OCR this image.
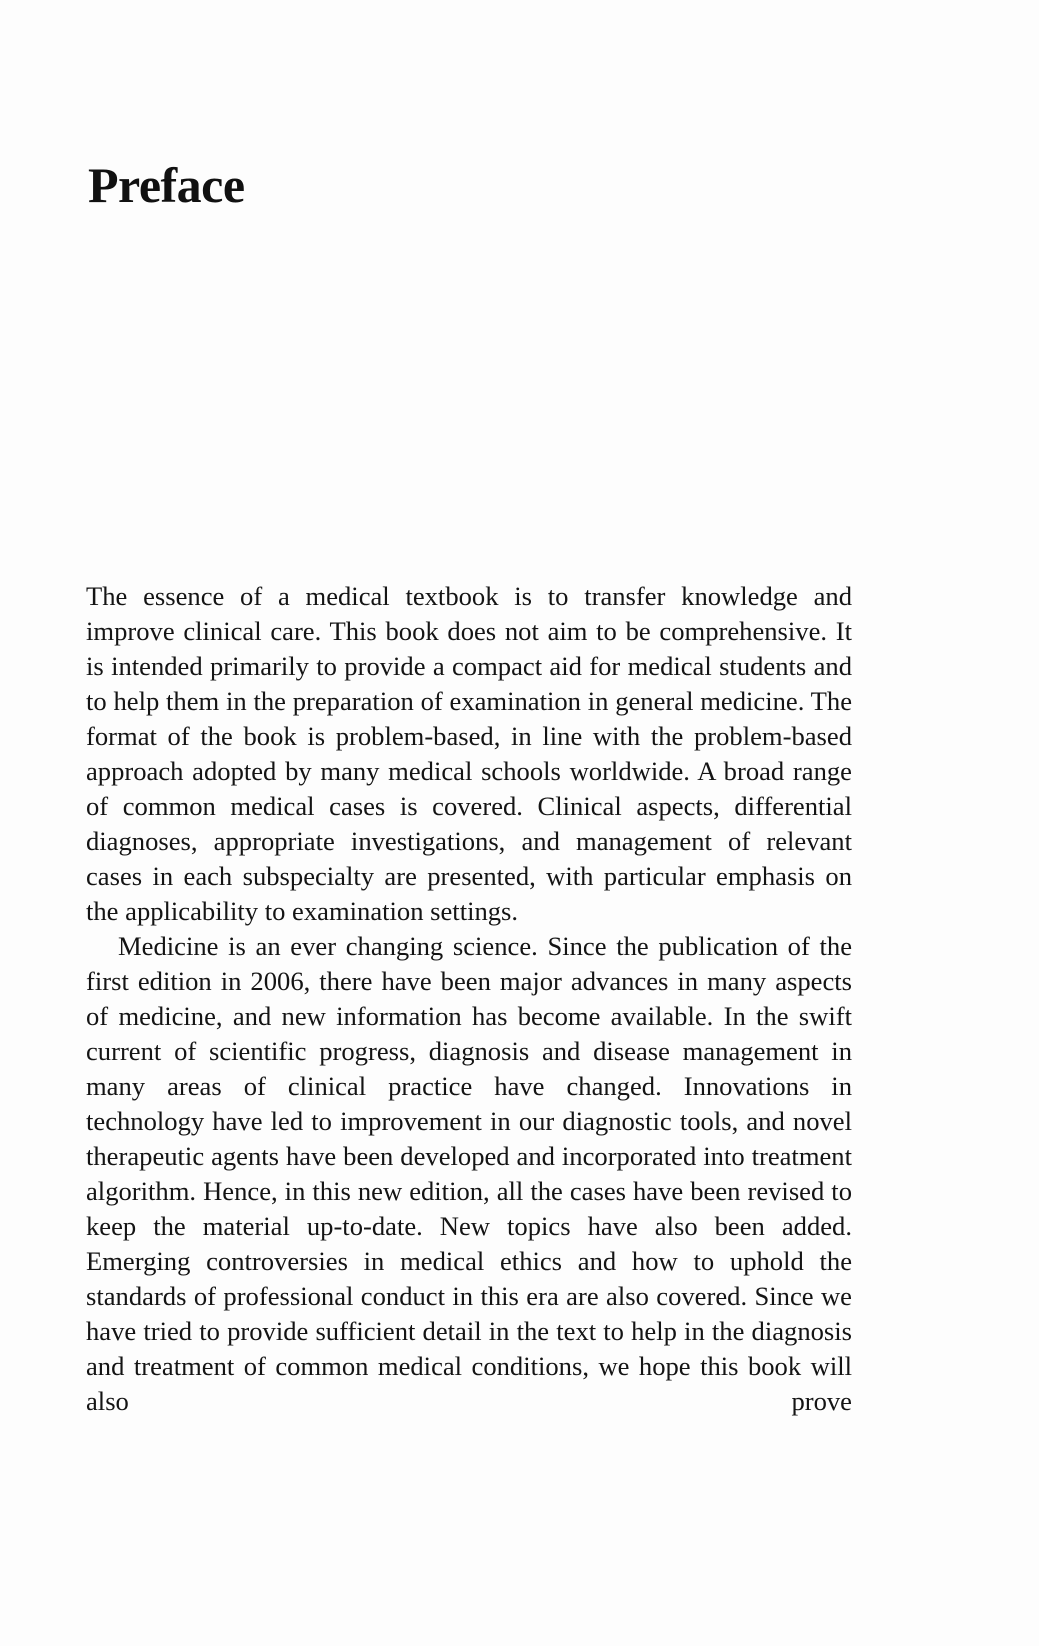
Preface

The essence of a medical textbook is to transfer knowledge and improve clinical care. This book does not aim to be comprehensive. It is intended primarily to provide a compact aid for medical students and to help them in the preparation of examination in general medicine. The format of the book is problem-based, in line with the problem-based approach adopted by many medical schools worldwide. A broad range of common medical cases is covered. Clinical aspects, differential diagnoses, appropriate investigations, and management of relevant cases in each subspecialty are presented, with particular emphasis on the applicability to examination settings.

Medicine is an ever changing science. Since the publication of the first edition in 2006, there have been major advances in many aspects of medicine, and new information has become available. In the swift current of scientific progress, diagnosis and disease management in many areas of clinical practice have changed. Innovations in technology have led to improvement in our diagnostic tools, and novel therapeutic agents have been developed and incorporated into treatment algorithm. Hence, in this new edition, all the cases have been revised to keep the material up-to-date. New topics have also been added. Emerging controversies in medical ethics and how to uphold the standards of professional conduct in this era are also covered. Since we have tried to provide sufficient detail in the text to help in the diagnosis and treatment of common medical conditions, we hope this book will also prove
